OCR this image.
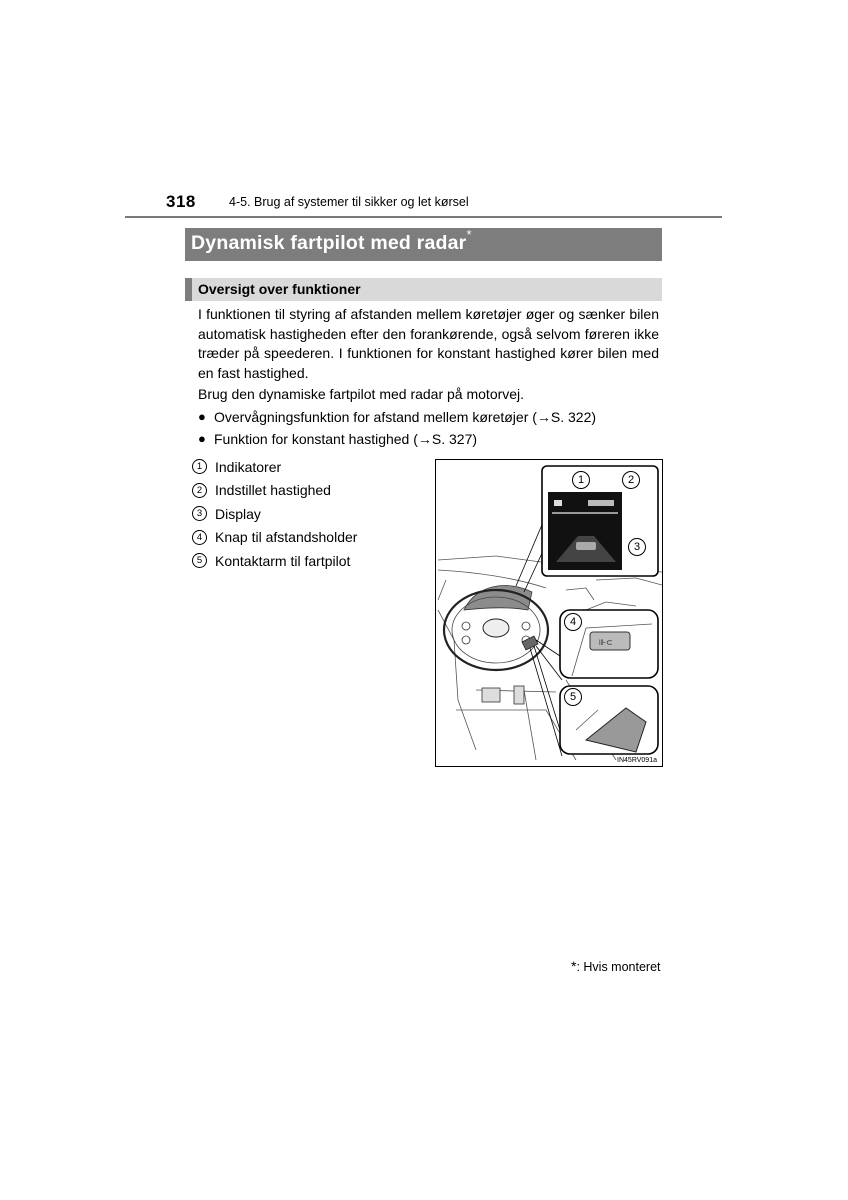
318	4-5. Brug af systemer til sikker og let kørsel
Dynamisk fartpilot med radar*
Oversigt over funktioner

I funktionen til styring af afstanden mellem køretøjer øger og sænker bilen automatisk hastigheden efter den forankørende, også selvom føreren ikke træder på speederen. I funktionen for konstant hastighed kører bilen med en fast hastighed.

Brug den dynamiske fartpilot med radar på motorvej.

● Overvågningsfunktion for afstand mellem køretøjer (→S. 322)
● Funktion for konstant hastighed (→S. 327)
1 Indikatorer
2 Indstillet hastighed
3 Display
4 Knap til afstandsholder
5 Kontaktarm til fartpilot
⊪⊂
1	2
3
4
5
IN45RV091a
*: Hvis monteret
